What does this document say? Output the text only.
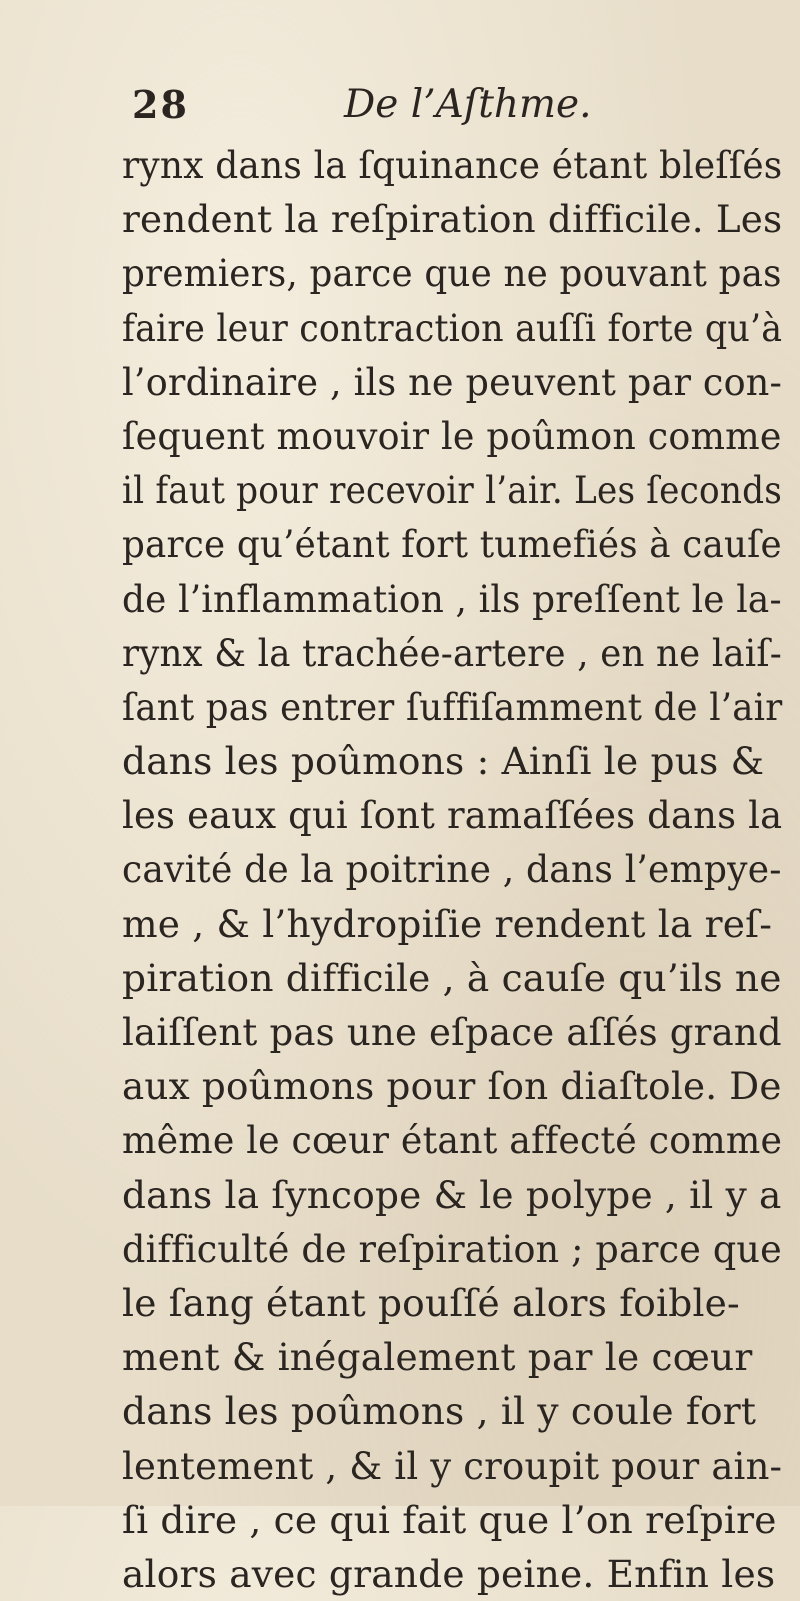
28	De l’Aſthme.
rynx dans la ſquinance étant bleſſés
rendent la reſpiration difficile. Les
premiers, parce que ne pouvant pas
faire leur contraction auſſi forte qu’à
l’ordinaire , ils ne peuvent par con-
ſequent mouvoir le poûmon comme
il faut pour recevoir l’air. Les ſeconds
parce qu’étant fort tumefiés à cauſe
de l’inflammation , ils preſſent le la-
rynx & la trachée-artere , en ne laiſ-
ſant pas entrer ſuffiſamment de l’air
dans les poûmons : Ainſi le pus &
les eaux qui ſont ramaſſées dans la
cavité de la poitrine , dans l’empye-
me , & l’hydropiſie rendent la reſ-
piration difficile , à cauſe qu’ils ne
laiſſent pas une eſpace aſſés grand
aux poûmons pour ſon diaſtole. De
même le cœur étant affecté comme
dans la ſyncope & le polype , il y a
difficulté de reſpiration ; parce que
le ſang étant pouſſé alors foible-
ment & inégalement par le cœur
dans les poûmons , il y coule fort
lentement , & il y croupit pour ain-
ſi dire , ce qui fait que l’on reſpire
alors avec grande peine. Enfin les
